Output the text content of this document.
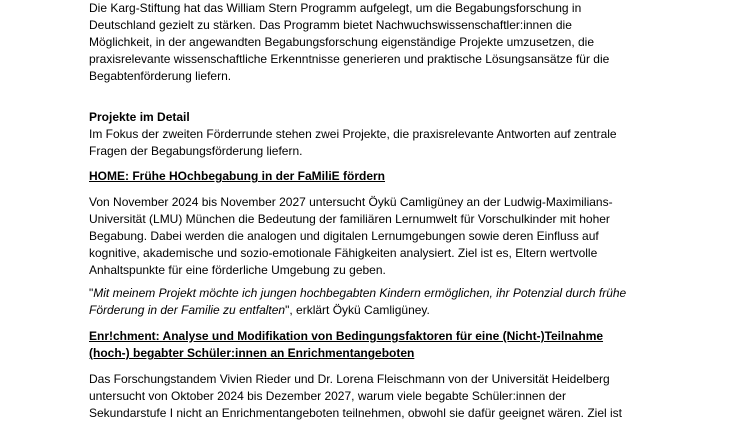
Die Karg-Stiftung hat das William Stern Programm aufgelegt, um die Begabungsforschung in
Deutschland gezielt zu stärken. Das Programm bietet Nachwuchswissenschaftler:innen die
Möglichkeit, in der angewandten Begabungsforschung eigenständige Projekte umzusetzen, die
praxisrelevante wissenschaftliche Erkenntnisse generieren und praktische Lösungsansätze für die
Begabtenförderung liefern.

Projekte im Detail

Im Fokus der zweiten Förderrunde stehen zwei Projekte, die praxisrelevante Antworten auf zentrale
Fragen der Begabungsförderung liefern.

HOME: Frühe HOchbegabung in der FaMiliE fördern

Von November 2024 bis November 2027 untersucht Öykü Camligüney an der Ludwig-Maximilians-
Universität (LMU) München die Bedeutung der familiären Lernumwelt für Vorschulkinder mit hoher
Begabung. Dabei werden die analogen und digitalen Lernumgebungen sowie deren Einfluss auf
kognitive, akademische und sozio-emotionale Fähigkeiten analysiert. Ziel ist es, Eltern wertvolle
Anhaltspunkte für eine förderliche Umgebung zu geben.

"Mit meinem Projekt möchte ich jungen hochbegabten Kindern ermöglichen, ihr Potenzial durch frühe
Förderung in der Familie zu entfalten", erklärt Öykü Camligüney.

Enr!chment: Analyse und Modifikation von Bedingungsfaktoren für eine (Nicht-)Teilnahme
(hoch-) begabter Schüler:innen an Enrichmentangeboten

Das Forschungstandem Vivien Rieder und Dr. Lorena Fleischmann von der Universität Heidelberg
untersucht von Oktober 2024 bis Dezember 2027, warum viele begabte Schüler:innen der
Sekundarstufe I nicht an Enrichmentangeboten teilnehmen, obwohl sie dafür geeignet wären. Ziel ist
